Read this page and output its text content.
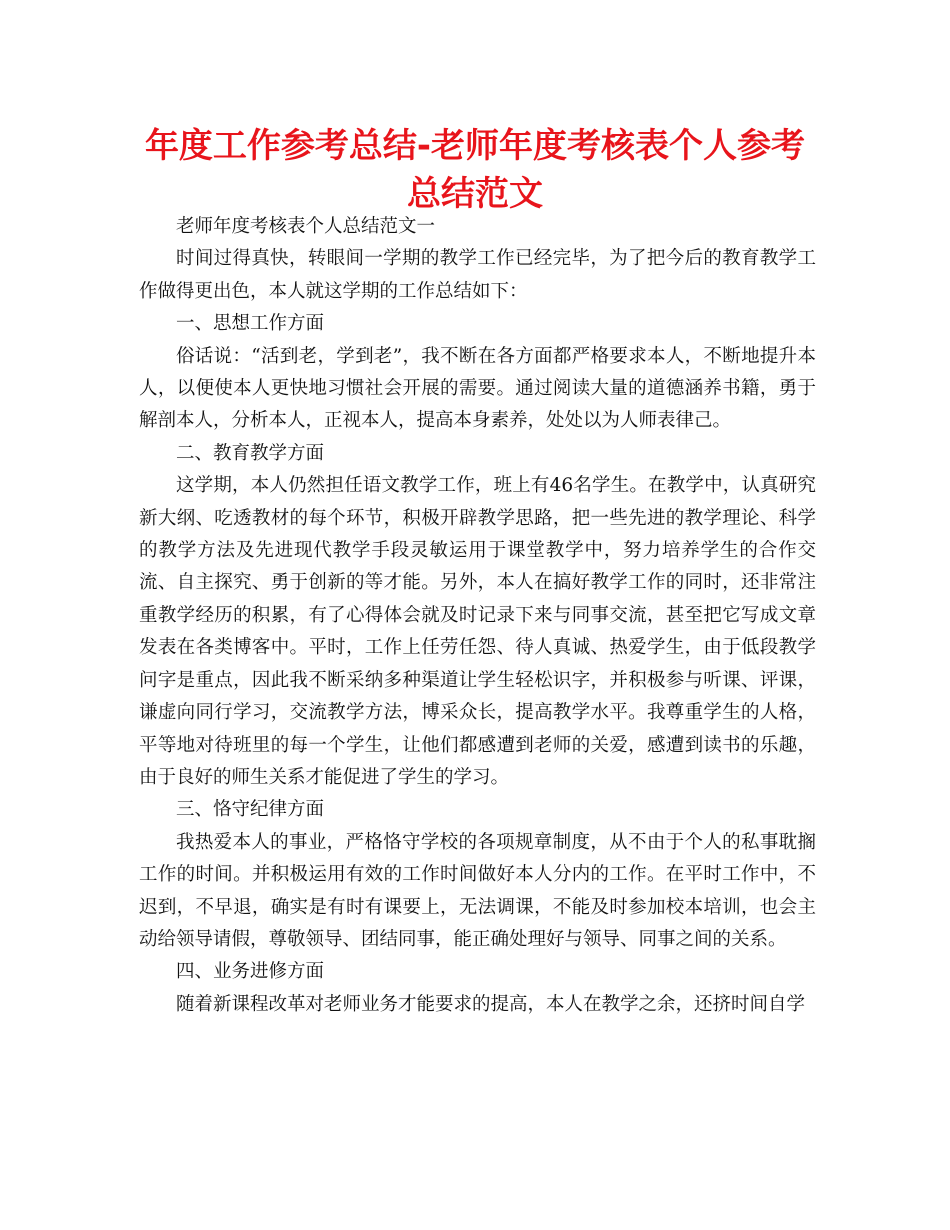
年度工作参考总结-老师年度考核表个人参考总结范文

老师年度考核表个人总结范文一

时间过得真快，转眼间一学期的教学工作已经完毕，为了把今后的教育教学工作做得更出色，本人就这学期的工作总结如下：

一、思想工作方面

俗话说：“活到老，学到老”，我不断在各方面都严格要求本人，不断地提升本人，以便使本人更快地习惯社会开展的需要。通过阅读大量的道德涵养书籍，勇于解剖本人，分析本人，正视本人，提高本身素养，处处以为人师表律己。

二、教育教学方面

这学期，本人仍然担任语文教学工作，班上有46名学生。在教学中，认真研究新大纲、吃透教材的每个环节，积极开辟教学思路，把一些先进的教学理论、科学的教学方法及先进现代教学手段灵敏运用于课堂教学中，努力培养学生的合作交流、自主探究、勇于创新的等才能。另外，本人在搞好教学工作的同时，还非常注重教学经历的积累，有了心得体会就及时记录下来与同事交流，甚至把它写成文章发表在各类博客中。平时，工作上任劳任怨、待人真诚、热爱学生，由于低段教学问字是重点，因此我不断采纳多种渠道让学生轻松识字，并积极参与听课、评课，谦虚向同行学习，交流教学方法，博采众长，提高教学水平。我尊重学生的人格，平等地对待班里的每一个学生，让他们都感遭到老师的关爱，感遭到读书的乐趣，由于良好的师生关系才能促进了学生的学习。

三、恪守纪律方面

我热爱本人的事业，严格恪守学校的各项规章制度，从不由于个人的私事耽搁工作的时间。并积极运用有效的工作时间做好本人分内的工作。在平时工作中，不迟到，不早退，确实是有时有课要上，无法调课，不能及时参加校本培训，也会主动给领导请假，尊敬领导、团结同事，能正确处理好与领导、同事之间的关系。

四、业务进修方面

随着新课程改革对老师业务才能要求的提高，本人在教学之余，还挤时间自学
